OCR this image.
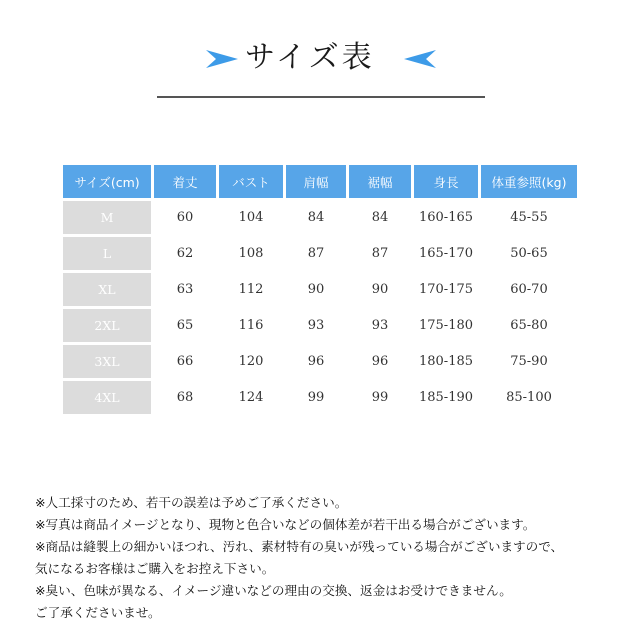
サイズ表
サイズ(cm)	着丈	バスト	肩幅	裾幅	身長	体重参照(kg)
M	60	104	84	84	160-165	45-55
L	62	108	87	87	165-170	50-65
XL	63	112	90	90	170-175	60-70
2XL	65	116	93	93	175-180	65-80
3XL	66	120	96	96	180-185	75-90
4XL	68	124	99	99	185-190	85-100
※人工採寸のため、若干の誤差は予めご了承ください。
※写真は商品イメージとなり、現物と色合いなどの個体差が若干出る場合がございます。
※商品は縫製上の細かいほつれ、汚れ、素材特有の臭いが残っている場合がございますので、
気になるお客様はご購入をお控え下さい。
※臭い、色味が異なる、イメージ違いなどの理由の交換、返金はお受けできません。
ご了承くださいませ。
